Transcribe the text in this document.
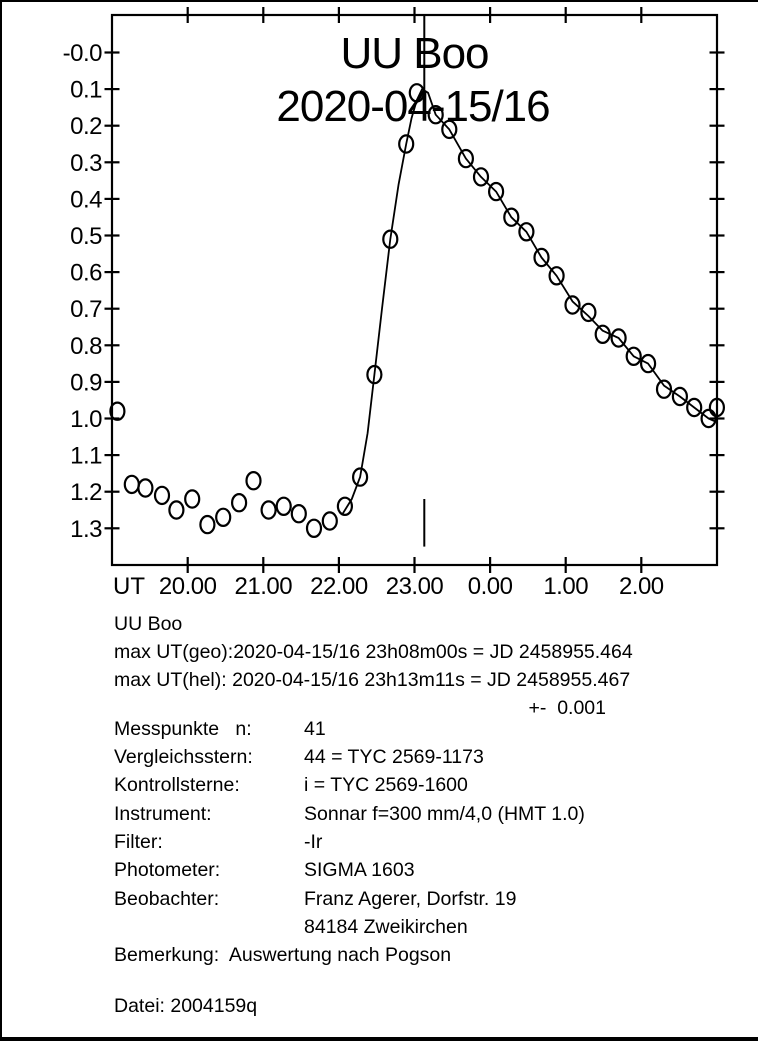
20.00 21.00 22.00 23.00 0.00 1.00 2.00
UT
-0.0
0.1
0.2
0.3
0.4
0.5
0.6
0.7
0.8
0.9
1.0
1.1
1.2
1.3
UU Boo
2020-04-15/16
UU Boo
max UT(geo):2020-04-15/16 23h08m00s = JD 2458955.464
max UT(hel): 2020-04-15/16 23h13m11s = JD 2458955.467
+-  0.001
Messpunkte   n:	41
Vergleichsstern:	44 = TYC 2569-1173
Kontrollsterne:	i = TYC 2569-1600
Instrument:	Sonnar f=300 mm/4,0 (HMT 1.0)
Filter:	-Ir
Photometer:	SIGMA 1603
Beobachter:	Franz Agerer, Dorfstr. 19
84184 Zweikirchen
Bemerkung:  Auswertung nach Pogson
Datei: 2004159q
